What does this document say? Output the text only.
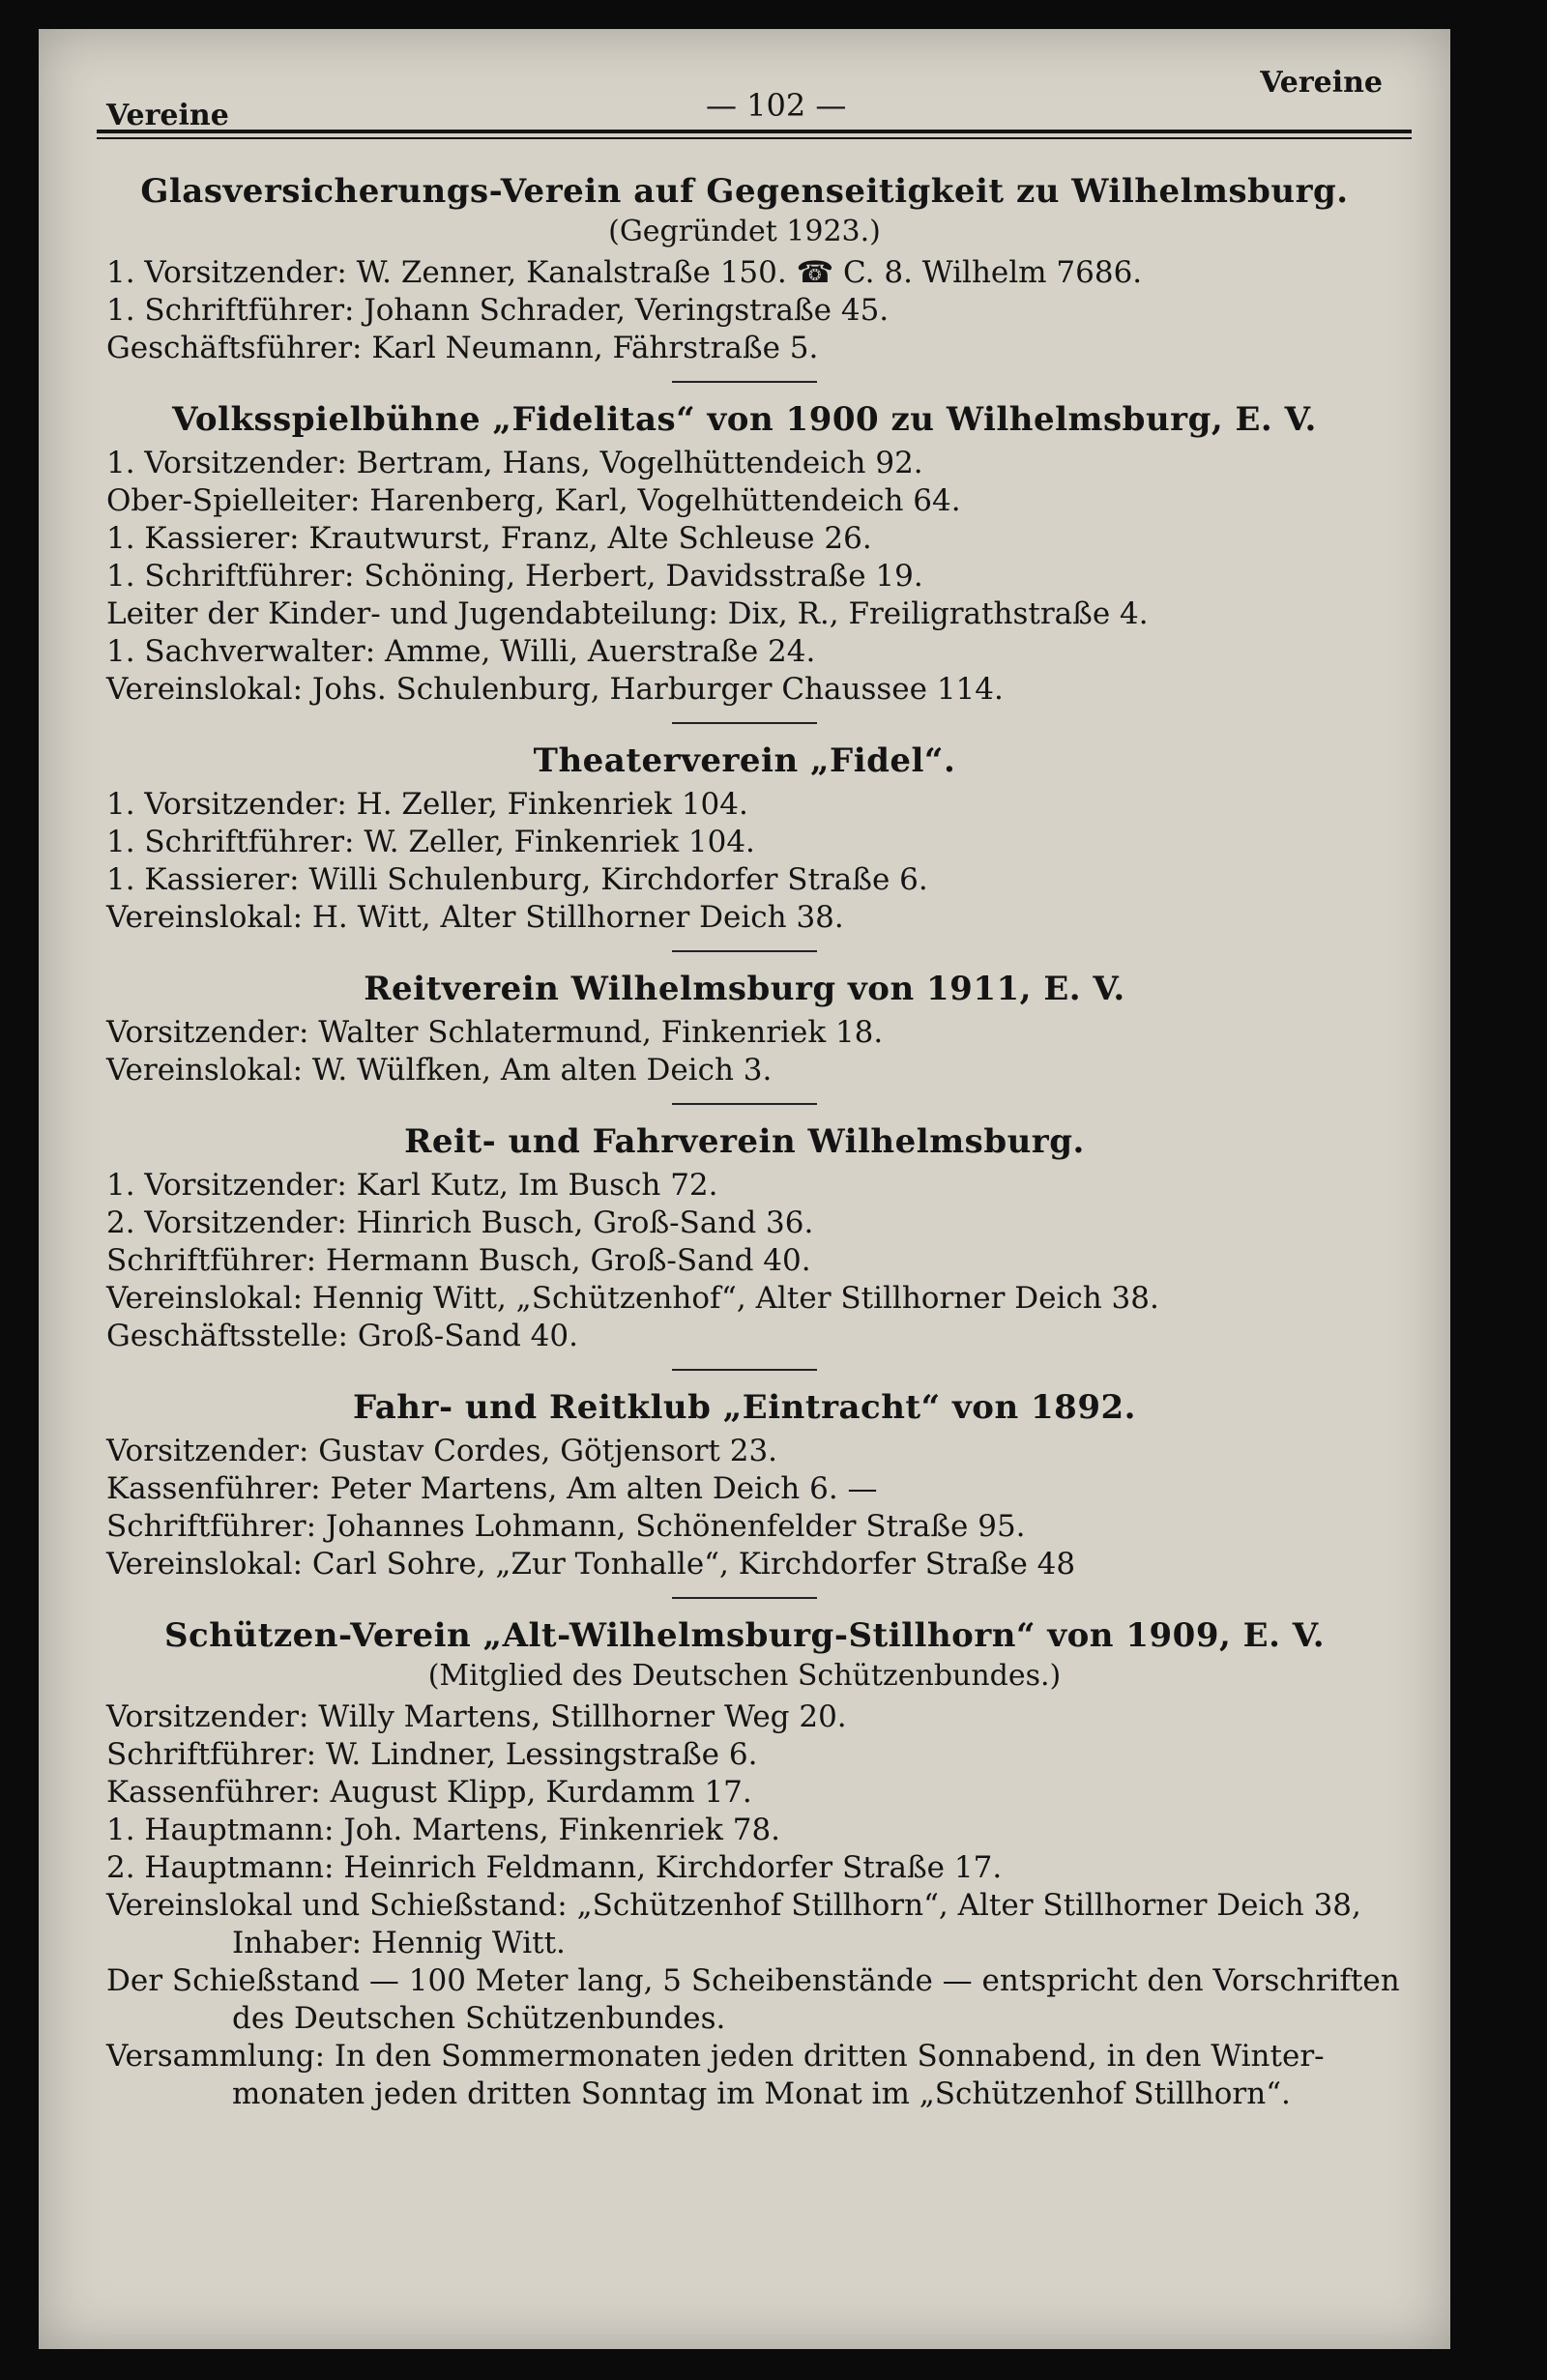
Vereine	— 102 —
Vereine
Glasversicherungs-Verein auf Gegenseitigkeit zu Wilhelmsburg.
(Gegründet 1923.)
1. Vorsitzender: W. Zenner, Kanalstraße 150. ☎ C. 8. Wilhelm 7686.
1. Schriftführer: Johann Schrader, Veringstraße 45.
Geschäftsführer: Karl Neumann, Fährstraße 5.
Volksspielbühne „Fidelitas“ von 1900 zu Wilhelmsburg, E. V.
1. Vorsitzender: Bertram, Hans, Vogelhüttendeich 92.
Ober-Spielleiter: Harenberg, Karl, Vogelhüttendeich 64.
1. Kassierer: Krautwurst, Franz, Alte Schleuse 26.
1. Schriftführer: Schöning, Herbert, Davidsstraße 19.
Leiter der Kinder- und Jugendabteilung: Dix, R., Freiligrathstraße 4.
1. Sachverwalter: Amme, Willi, Auerstraße 24.
Vereinslokal: Johs. Schulenburg, Harburger Chaussee 114.
Theaterverein „Fidel“.
1. Vorsitzender: H. Zeller, Finkenriek 104.
1. Schriftführer: W. Zeller, Finkenriek 104.
1. Kassierer: Willi Schulenburg, Kirchdorfer Straße 6.
Vereinslokal: H. Witt, Alter Stillhorner Deich 38.
Reitverein Wilhelmsburg von 1911, E. V.
Vorsitzender: Walter Schlatermund, Finkenriek 18.
Vereinslokal: W. Wülfken, Am alten Deich 3.
Reit- und Fahrverein Wilhelmsburg.
1. Vorsitzender: Karl Kutz, Im Busch 72.
2. Vorsitzender: Hinrich Busch, Groß-Sand 36.
Schriftführer: Hermann Busch, Groß-Sand 40.
Vereinslokal: Hennig Witt, „Schützenhof“, Alter Stillhorner Deich 38.
Geschäftsstelle: Groß-Sand 40.
Fahr- und Reitklub „Eintracht“ von 1892.
Vorsitzender: Gustav Cordes, Götjensort 23.
Kassenführer: Peter Martens, Am alten Deich 6. —
Schriftführer: Johannes Lohmann, Schönenfelder Straße 95.
Vereinslokal: Carl Sohre, „Zur Tonhalle“, Kirchdorfer Straße 48
Schützen-Verein „Alt-Wilhelmsburg-Stillhorn“ von 1909, E. V.
(Mitglied des Deutschen Schützenbundes.)
Vorsitzender: Willy Martens, Stillhorner Weg 20.
Schriftführer: W. Lindner, Lessingstraße 6.
Kassenführer: August Klipp, Kurdamm 17.
1. Hauptmann: Joh. Martens, Finkenriek 78.
2. Hauptmann: Heinrich Feldmann, Kirchdorfer Straße 17.
Vereinslokal und Schießstand: „Schützenhof Stillhorn“, Alter Stillhorner Deich 38,
Inhaber: Hennig Witt.
Der Schießstand — 100 Meter lang, 5 Scheibenstände — entspricht den Vorschriften
des Deutschen Schützenbundes.
Versammlung: In den Sommermonaten jeden dritten Sonnabend, in den Winter-
monaten jeden dritten Sonntag im Monat im „Schützenhof Stillhorn“.
